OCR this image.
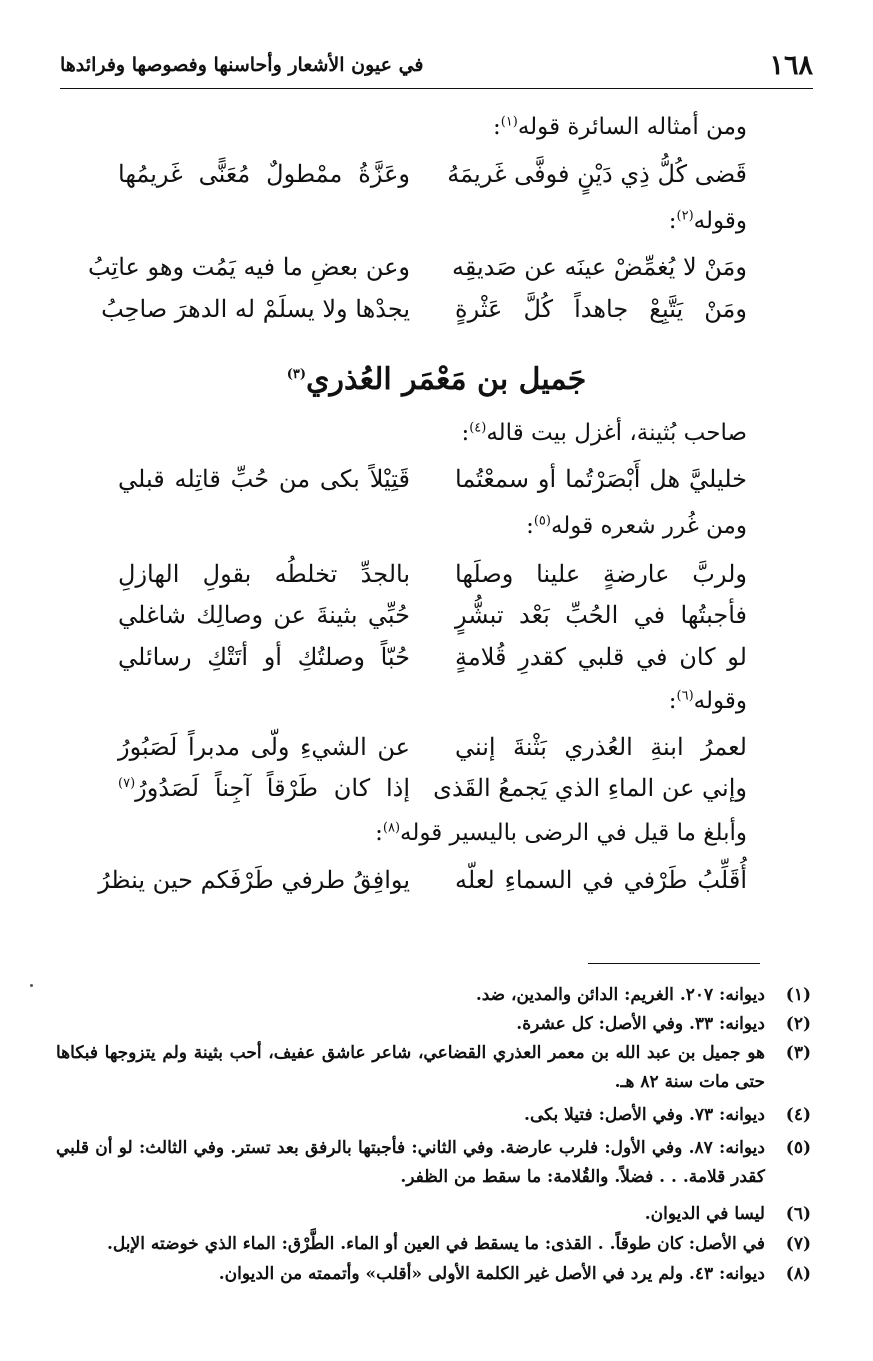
١٦٨
في عيون الأشعار وأحاسنها وفصوصها وفرائدها
ومن أمثاله السائرة قوله$^{(١)}$:
قَضى كُلُّ ذِي دَيْنٍ فوفَّى غَريمَهُ
وعَزَّةُ ممْطولٌ مُعَنًّى غَريمُها
وقوله$^{(٢)}$:
ومَنْ لا يُغمِّضْ عينَه عن صَديقِه
وعن بعضِ ما فيه يَمُت وهو عاتِبُ
ومَنْ يَتَّبِعْ جاهداً كُلَّ عَثْرةٍ
يجدْها ولا يسلَمْ له الدهرَ صاحِبُ
جَميل بن مَعْمَر العُذري$^{(٣)}$
صاحب بُثينة، أغزل بيت قاله$^{(٤)}$:
خليليَّ هل أَبْصَرْتُما أو سمعْتُما
قَتِيْلاً بكى من حُبِّ قاتِله قبلي
ومن غُرر شعره قوله$^{(٥)}$:
ولربَّ عارضةٍ علينا وصلَها
بالجدِّ تخلطُه بقولِ الهازلِ
فأجبتُها في الحُبِّ بَعْد تبشُّرٍ
حُبِّي بثينةَ عن وصالِك شاغلي
لو كان في قلبي كقدرِ قُلامةٍ
حُبّاً وصلتُكِ أو أتَتْكِ رسائلي
وقوله$^{(٦)}$:
لعمرُ ابنةِ العُذري بَثْنةَ إنني
عن الشيءِ ولّى مدبراً لَصَبُورُ
وإني عن الماءِ الذي يَجمعُ القَذى
إذا كان طَرْقاً آجِناً لَصَدُورُ$^{(٧)}$
وأبلغ ما قيل في الرضى باليسير قوله$^{(٨)}$:
أُقَلِّبُ طَرْفي في السماءِ لعلّه
يوافِقُ طرفي طَرْفَكم حين ينظرُ
(١)
ديوانه: ٢٠٧. الغريم: الدائن والمدين، ضد.
(٢)
ديوانه: ٣٣. وفي الأصل: كل عشرة.
(٣)
هو جميل بن عبد الله بن معمر العذري القضاعي، شاعر عاشق عفيف، أحب بثينة ولم يتزوجها فبكاها حتى مات سنة ٨٢ هـ.
(٤)
ديوانه: ٧٣. وفي الأصل: فتيلا بكى.
(٥)
ديوانه: ٨٧. وفي الأول: فلرب عارضة. وفي الثاني: فأجبتها بالرفق بعد تستر. وفي الثالث: لو أن قلبي كقدر قلامة. . . فضلاً. والقُلامة: ما سقط من الظفر.
(٦)
ليسا في الديوان.
(٧)
في الأصل: كان طوقاً. . القذى: ما يسقط في العين أو الماء. الطَّرْق: الماء الذي خوضته الإبل.
(٨)
ديوانه: ٤٣. ولم يرد في الأصل غير الكلمة الأولى «أقلب» وأتممته من الديوان.
